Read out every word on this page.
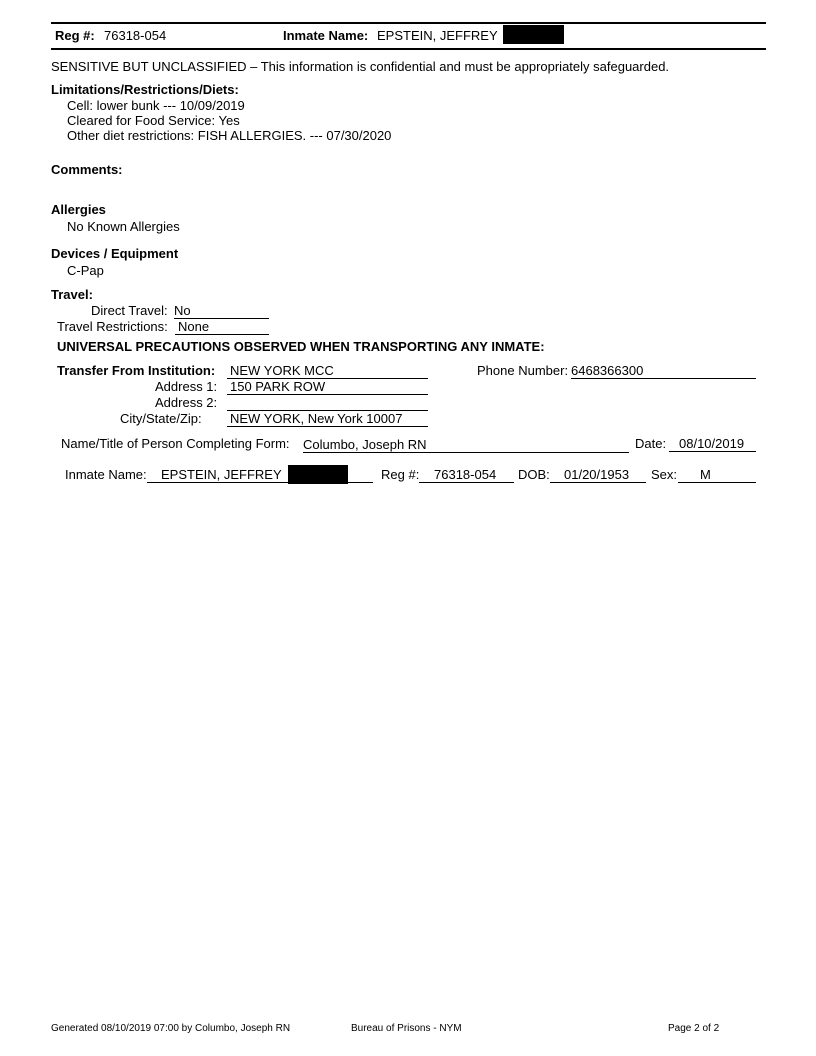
Reg #: 76318-054	Inmate Name: EPSTEIN, JEFFREY
SENSITIVE BUT UNCLASSIFIED – This information is confidential and must be appropriately safeguarded.
Limitations/Restrictions/Diets:
Cell: lower bunk --- 10/09/2019
Cleared for Food Service: Yes
Other diet restrictions: FISH ALLERGIES. --- 07/30/2020
Comments:
Allergies
No Known Allergies
Devices / Equipment
C-Pap
Travel:
Direct Travel: No
Travel Restrictions: None
UNIVERSAL PRECAUTIONS OBSERVED WHEN TRANSPORTING ANY INMATE:
Transfer From Institution: NEW YORK MCC
Address 1: 150 PARK ROW
Address 2:
City/State/Zip: NEW YORK, New York 10007
Phone Number: 6468366300
Name/Title of Person Completing Form: Columbo, Joseph RN	Date: 08/10/2019
Inmate Name:	EPSTEIN, JEFFREY	Reg #:	76318-054	DOB:	01/20/1953	Sex:	M
Generated 08/10/2019 07:00 by Columbo, Joseph RN	Bureau of Prisons - NYM	Page 2 of 2
